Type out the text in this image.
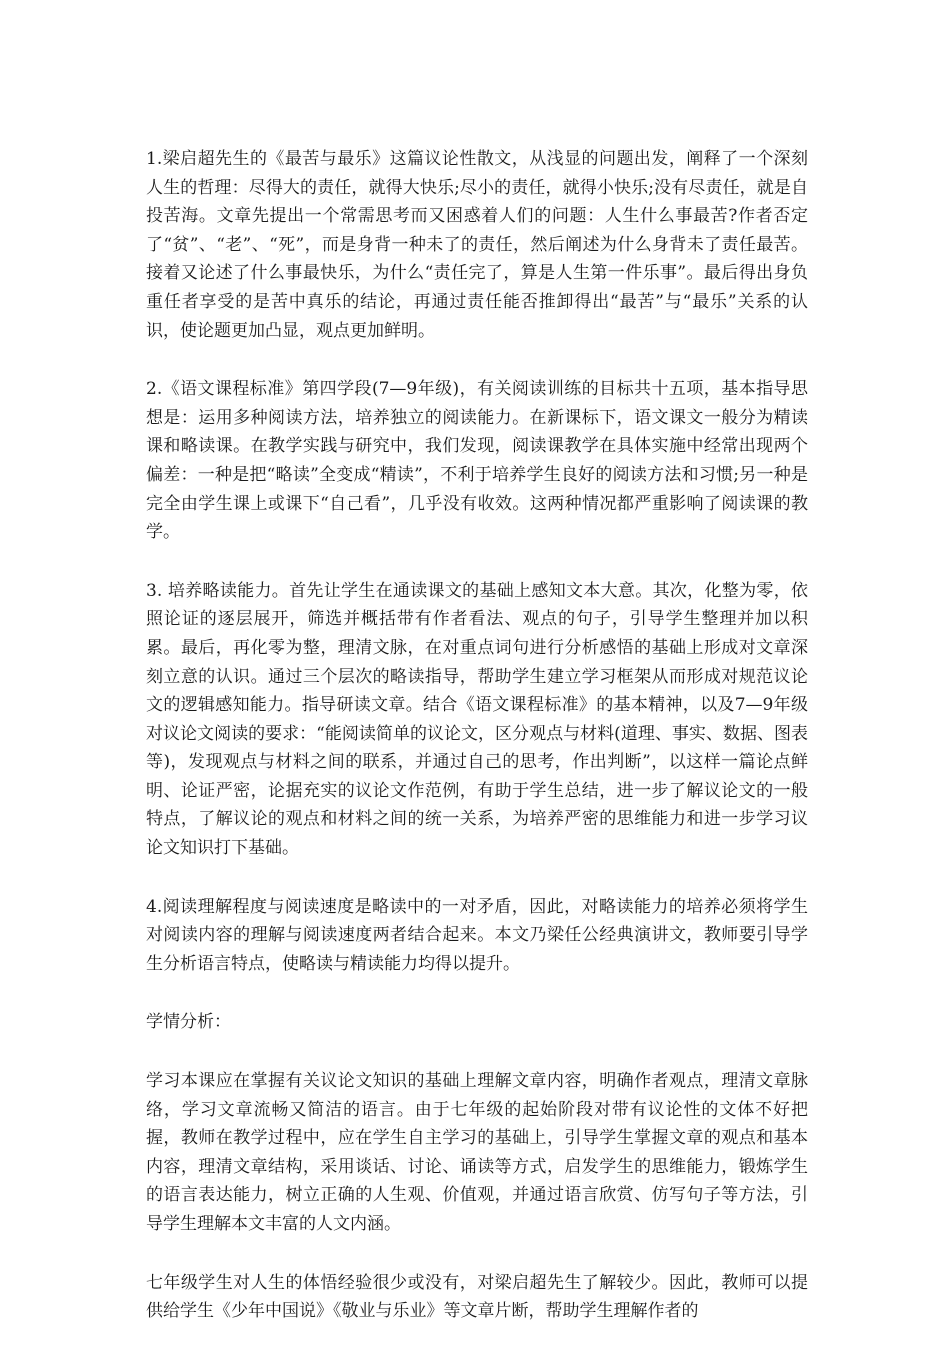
1.梁启超先生的《最苦与最乐》这篇议论性散文，从浅显的问题出发，阐释了一个深刻人生的哲理：尽得大的责任，就得大快乐;尽小的责任，就得小快乐;没有尽责任，就是自投苦海。文章先提出一个常需思考而又困惑着人们的问题：人生什么事最苦?作者否定了“贫”、“老”、“死”，而是身背一种未了的责任，然后阐述为什么身背未了责任最苦。接着又论述了什么事最快乐，为什么“责任完了，算是人生第一件乐事”。最后得出身负重任者享受的是苦中真乐的结论，再通过责任能否推卸得出“最苦”与“最乐”关系的认识，使论题更加凸显，观点更加鲜明。

2.《语文课程标准》第四学段(7—9年级)，有关阅读训练的目标共十五项，基本指导思想是：运用多种阅读方法，培养独立的阅读能力。在新课标下，语文课文一般分为精读课和略读课。在教学实践与研究中，我们发现，阅读课教学在具体实施中经常出现两个偏差：一种是把“略读”全变成“精读”，不利于培养学生良好的阅读方法和习惯;另一种是完全由学生课上或课下“自己看”，几乎没有收效。这两种情况都严重影响了阅读课的教学。

3. 培养略读能力。首先让学生在通读课文的基础上感知文本大意。其次，化整为零，依照论证的逐层展开，筛选并概括带有作者看法、观点的句子，引导学生整理并加以积累。最后，再化零为整，理清文脉，在对重点词句进行分析感悟的基础上形成对文章深刻立意的认识。通过三个层次的略读指导，帮助学生建立学习框架从而形成对规范议论文的逻辑感知能力。指导研读文章。结合《语文课程标准》的基本精神，以及7—9年级对议论文阅读的要求：“能阅读简单的议论文，区分观点与材料(道理、事实、数据、图表等)，发现观点与材料之间的联系，并通过自己的思考，作出判断”，以这样一篇论点鲜明、论证严密，论据充实的议论文作范例，有助于学生总结，进一步了解议论文的一般特点，了解议论的观点和材料之间的统一关系，为培养严密的思维能力和进一步学习议论文知识打下基础。

4.阅读理解程度与阅读速度是略读中的一对矛盾，因此，对略读能力的培养必须将学生对阅读内容的理解与阅读速度两者结合起来。本文乃梁任公经典演讲文，教师要引导学生分析语言特点，使略读与精读能力均得以提升。

学情分析：

学习本课应在掌握有关议论文知识的基础上理解文章内容，明确作者观点，理清文章脉络，学习文章流畅又简洁的语言。由于七年级的起始阶段对带有议论性的文体不好把握，教师在教学过程中，应在学生自主学习的基础上，引导学生掌握文章的观点和基本内容，理清文章结构，采用谈话、讨论、诵读等方式，启发学生的思维能力，锻炼学生的语言表达能力，树立正确的人生观、价值观，并通过语言欣赏、仿写句子等方法，引导学生理解本文丰富的人文内涵。

七年级学生对人生的体悟经验很少或没有，对梁启超先生了解较少。因此，教师可以提供给学生《少年中国说》《敬业与乐业》等文章片断，帮助学生理解作者的
